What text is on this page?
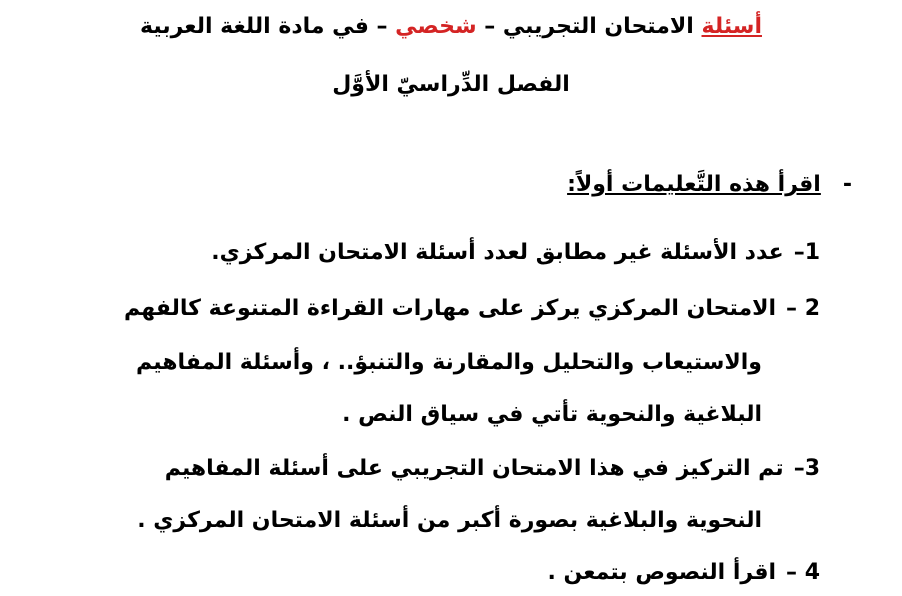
أسئلة الامتحان التجريبي – شخصي – في مادة اللغة العربية
الفصل الدِّراسيّ الأوَّل
-اقرأ هذه التَّعليمات أولاً:
1–عدد الأسئلة غير مطابق لعدد أسئلة الامتحان المركزي.
2 –الامتحان المركزي يركز على مهارات القراءة المتنوعة كالفهم
والاستيعاب والتحليل والمقارنة والتنبؤ.. ، وأسئلة المفاهيم
البلاغية والنحوية تأتي في سياق النص .
3–تم التركيز في هذا الامتحان التجريبي على أسئلة المفاهيم
النحوية والبلاغية بصورة أكبر من أسئلة الامتحان المركزي .
4 –اقرأ النصوص بتمعن .
